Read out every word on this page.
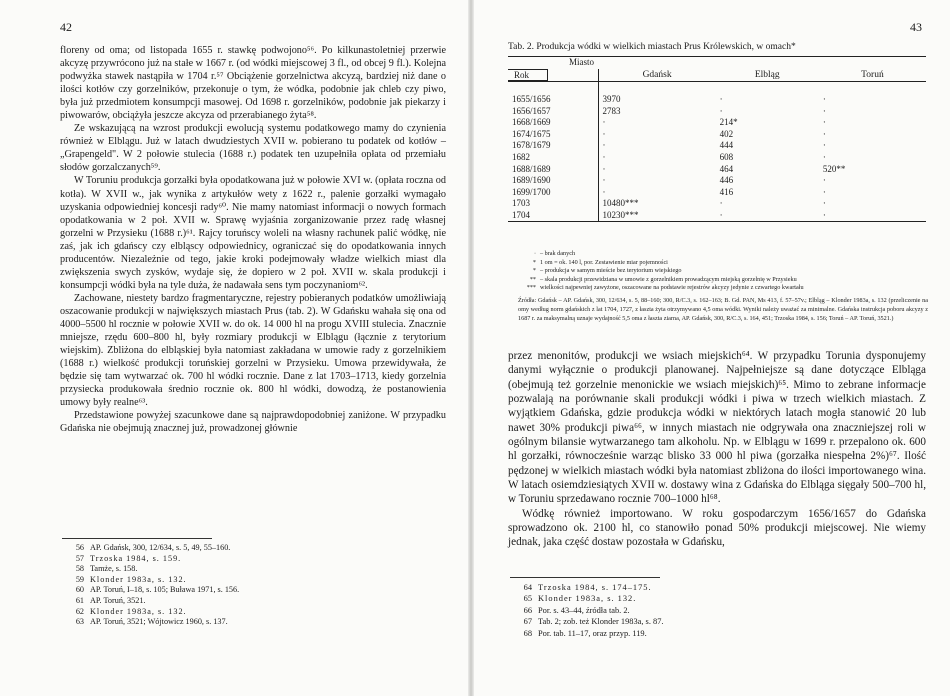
42

floreny od oma; od listopada 1655 r. stawkę podwojono⁵⁶. Po kilkunastoletniej przerwie akcyzę przywrócono już na stałe w 1667 r. (od wódki miejscowej 3 fl., od obcej 9 fl.). Kolejna podwyżka stawek nastąpiła w 1704 r.⁵⁷ Obciążenie gorzelnictwa akcyzą, bardziej niż dane o ilości kotłów czy gorzelników, przekonuje o tym, że wódka, podobnie jak chleb czy piwo, była już przedmiotem konsumpcji masowej. Od 1698 r. gorzelników, podobnie jak piekarzy i piwowarów, obciążyła jeszcze akcyza od przerabianego żyta⁵⁸.

Ze wskazującą na wzrost produkcji ewolucją systemu podatkowego mamy do czynienia również w Elblągu. Już w latach dwudziestych XVII w. pobierano tu podatek od kotłów – „Grapengeld". W 2 połowie stulecia (1688 r.) podatek ten uzupełniła opłata od przemiału słodów gorzalczanych⁵⁹.

W Toruniu produkcja gorzałki była opodatkowana już w połowie XVI w. (opłata roczna od kotła). W XVII w., jak wynika z artykułów wety z 1622 r., palenie gorzałki wymagało uzyskania odpowiedniej koncesji rady⁶⁰. Nie mamy natomiast informacji o nowych formach opodatkowania w 2 poł. XVII w. Sprawę wyjaśnia zorganizowanie przez radę własnej gorzelni w Przysieku (1688 r.)⁶¹. Rajcy toruńscy woleli na własny rachunek palić wódkę, nie zaś, jak ich gdańscy czy elbląscy odpowiednicy, ograniczać się do opodatkowania innych producentów. Niezależnie od tego, jakie kroki podejmowały władze wielkich miast dla zwiększenia swych zysków, wydaje się, że dopiero w 2 poł. XVII w. skala produkcji i konsumpcji wódki była na tyle duża, że nadawała sens tym poczynaniom⁶².

Zachowane, niestety bardzo fragmentaryczne, rejestry pobieranych podatków umożliwiają oszacowanie produkcji w największych miastach Prus (tab. 2). W Gdańsku wahała się ona od 4000–5500 hl rocznie w połowie XVII w. do ok. 14 000 hl na progu XVIII stulecia. Znacznie mniejsze, rzędu 600–800 hl, były rozmiary produkcji w Elblągu (łącznie z terytorium wiejskim). Zbliżona do elbląskiej była natomiast zakładana w umowie rady z gorzelnikiem (1688 r.) wielkość produkcji toruńskiej gorzelni w Przysieku. Umowa przewidywała, że będzie się tam wytwarzać ok. 700 hl wódki rocznie. Dane z lat 1703–1713, kiedy gorzelnia przysiecka produkowała średnio rocznie ok. 800 hl wódki, dowodzą, że postanowienia umowy były realne⁶³.

Przedstawione powyżej szacunkowe dane są najprawdopodobniej zaniżone. W przypadku Gdańska nie obejmują znacznej już, prowadzonej głównie

56 AP. Gdańsk, 300, 12/634, s. 5, 49, 55–160.
57 Trzoska 1984, s. 159.
58 Tamże, s. 158.
59 Klonder 1983a, s. 132.
60 AP. Toruń, I–18, s. 105; Buława 1971, s. 156.
61 AP. Toruń, 3521.
62 Klonder 1983a, s. 132.
63 AP. Toruń, 3521; Wójtowicz 1960, s. 137.
43
Tab. 2. Produkcja wódki w wielkich miastach Prus Królewskich, w omach*
Miasto			
Rok	Gdańsk	Elbląg	Toruń

1655/1656	3970	·	·
1656/1657	2783	·	·
1668/1669	·	214*	·
1674/1675	·	402	·
1678/1679	·	444	·
1682	·	608	·
1688/1689	·	464	520**
1689/1690	·	446	·
1699/1700	·	416	·
1703	10480***	·	·
1704	10230***	·	·

· – brak danych
* 1 om = ok. 140 l, por. Zestawienie miar pojemności
* – produkcja w samym mieście bez terytorium wiejskiego
** – skala produkcji przewidziana w umowie z gorzelnikiem prowadzącym miejską gorzelnię w Przysieku
*** wielkości najpewniej zawyżone, oszacowane na podstawie rejestrów akcyzy jedynie z czwartego kwartału
Źródła: Gdańsk – AP. Gdańsk, 300, 12/634, s. 5, 88–160; 300, R/C.3, s. 162–163; B. Gd. PAN, Ms 413, f. 57–57v.; Elbląg – Klonder 1983a, s. 132 (przeliczenie na omy według norm gdańskich z lat 1704, 1727, z łaszta żyta otrzymywano 4,5 oma wódki. Wyniki należy uważać za minimalne. Gdańska instrukcja poboru akcyzy z 1687 r. za maksymalną uznaje wydajność 5,5 oma z łaszta ziarna, AP. Gdańsk, 300, R/C.3, s. 164, 451; Trzoska 1984, s. 156; Toruń – AP. Toruń, 3521.)

przez menonitów, produkcji we wsiach miejskich⁶⁴. W przypadku Torunia dysponujemy danymi wyłącznie o produkcji planowanej. Najpełniejsze są dane dotyczące Elbląga (obejmują też gorzelnie menonickie we wsiach miejskich)⁶⁵. Mimo to zebrane informacje pozwalają na porównanie skali produkcji wódki i piwa w trzech wielkich miastach. Z wyjątkiem Gdańska, gdzie produkcja wódki w niektórych latach mogła stanowić 20 lub nawet 30% produkcji piwa⁶⁶, w innych miastach nie odgrywała ona znaczniejszej roli w ogólnym bilansie wytwarzanego tam alkoholu. Np. w Elblągu w 1699 r. przepalono ok. 600 hl gorzałki, równocześnie warząc blisko 33 000 hl piwa (gorzałka niespełna 2%)⁶⁷. Ilość pędzonej w wielkich miastach wódki była natomiast zbliżona do ilości importowanego wina. W latach osiemdziesiątych XVII w. dostawy wina z Gdańska do Elbląga sięgały 500–700 hl, w Toruniu sprzedawano rocznie 700–1000 hl⁶⁸.

Wódkę również importowano. W roku gospodarczym 1656/1657 do Gdańska sprowadzono ok. 2100 hl, co stanowiło ponad 50% produkcji miejscowej. Nie wiemy jednak, jaka część dostaw pozostała w Gdańsku,

64 Trzoska 1984, s. 174–175.
65 Klonder 1983a, s. 132.
66 Por. s. 43–44, źródła tab. 2.
67 Tab. 2; zob. też Klonder 1983a, s. 87.
68 Por. tab. 11–17, oraz przyp. 119.
